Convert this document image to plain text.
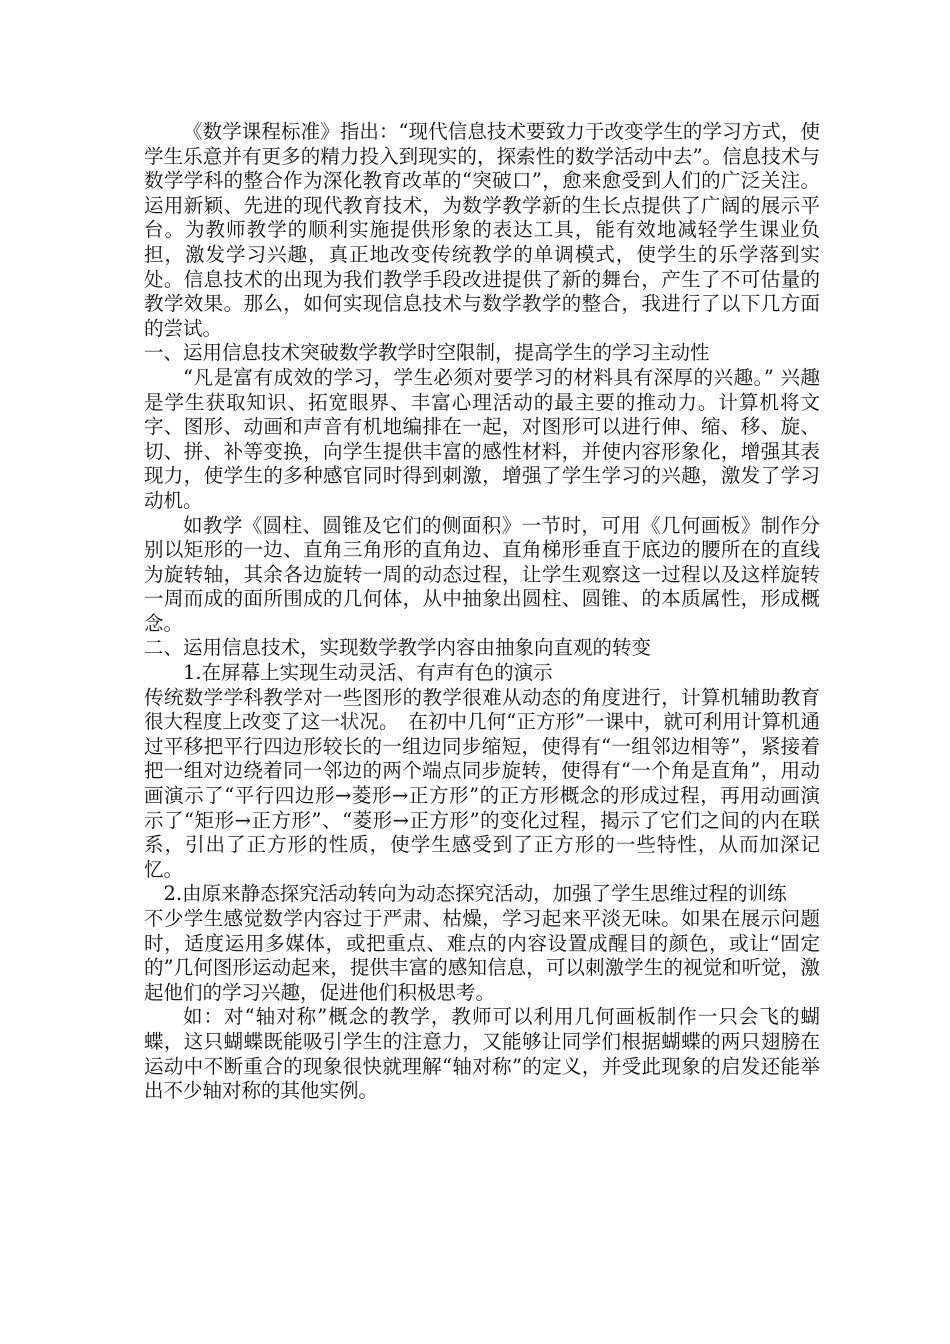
《数学课程标准》指出：“现代信息技术要致力于改变学生的学习方式，使学生乐意并有更多的精力投入到现实的，探索性的数学活动中去”。信息技术与数学学科的整合作为深化教育改革的“突破口”，愈来愈受到人们的广泛关注。运用新颖、先进的现代教育技术，为数学教学新的生长点提供了广阔的展示平台。为教师教学的顺利实施提供形象的表达工具，能有效地减轻学生课业负担，激发学习兴趣，真正地改变传统教学的单调模式，使学生的乐学落到实处。信息技术的出现为我们教学手段改进提供了新的舞台，产生了不可估量的教学效果。那么，如何实现信息技术与数学教学的整合，我进行了以下几方面的尝试。

一、运用信息技术突破数学教学时空限制，提高学生的学习主动性

“凡是富有成效的学习，学生必须对要学习的材料具有深厚的兴趣。” 兴趣是学生获取知识、拓宽眼界、丰富心理活动的最主要的推动力。计算机将文字、图形、动画和声音有机地编排在一起，对图形可以进行伸、缩、移、旋、切、拼、补等变换，向学生提供丰富的感性材料，并使内容形象化，增强其表现力，使学生的多种感官同时得到刺激，增强了学生学习的兴趣，激发了学习动机。

如教学《圆柱、圆锥及它们的侧面积》一节时，可用《几何画板》制作分别以矩形的一边、直角三角形的直角边、直角梯形垂直于底边的腰所在的直线为旋转轴，其余各边旋转一周的动态过程，让学生观察这一过程以及这样旋转一周而成的面所围成的几何体，从中抽象出圆柱、圆锥、的本质属性，形成概念。

二、运用信息技术，实现数学教学内容由抽象向直观的转变

1.在屏幕上实现生动灵活、有声有色的演示

传统数学学科教学对一些图形的教学很难从动态的角度进行，计算机辅助教育很大程度上改变了这一状况。　在初中几何“正方形”一课中，就可利用计算机通过平移把平行四边形较长的一组边同步缩短，使得有“一组邻边相等”，紧接着把一组对边绕着同一邻边的两个端点同步旋转，使得有“一个角是直角”，用动画演示了“平行四边形→菱形→正方形”的正方形概念的形成过程，再用动画演示了“矩形→正方形”、“菱形→正方形”的变化过程，揭示了它们之间的内在联系，引出了正方形的性质，使学生感受到了正方形的一些特性，从而加深记忆。

2.由原来静态探究活动转向为动态探究活动，加强了学生思维过程的训练

不少学生感觉数学内容过于严肃、枯燥，学习起来平淡无味。如果在展示问题时，适度运用多媒体，或把重点、难点的内容设置成醒目的颜色，或让“固定的”几何图形运动起来，提供丰富的感知信息，可以刺激学生的视觉和听觉，激起他们的学习兴趣，促进他们积极思考。

如：对“轴对称”概念的教学，教师可以利用几何画板制作一只会飞的蝴蝶，这只蝴蝶既能吸引学生的注意力，又能够让同学们根据蝴蝶的两只翅膀在运动中不断重合的现象很快就理解“轴对称”的定义，并受此现象的启发还能举出不少轴对称的其他实例。
